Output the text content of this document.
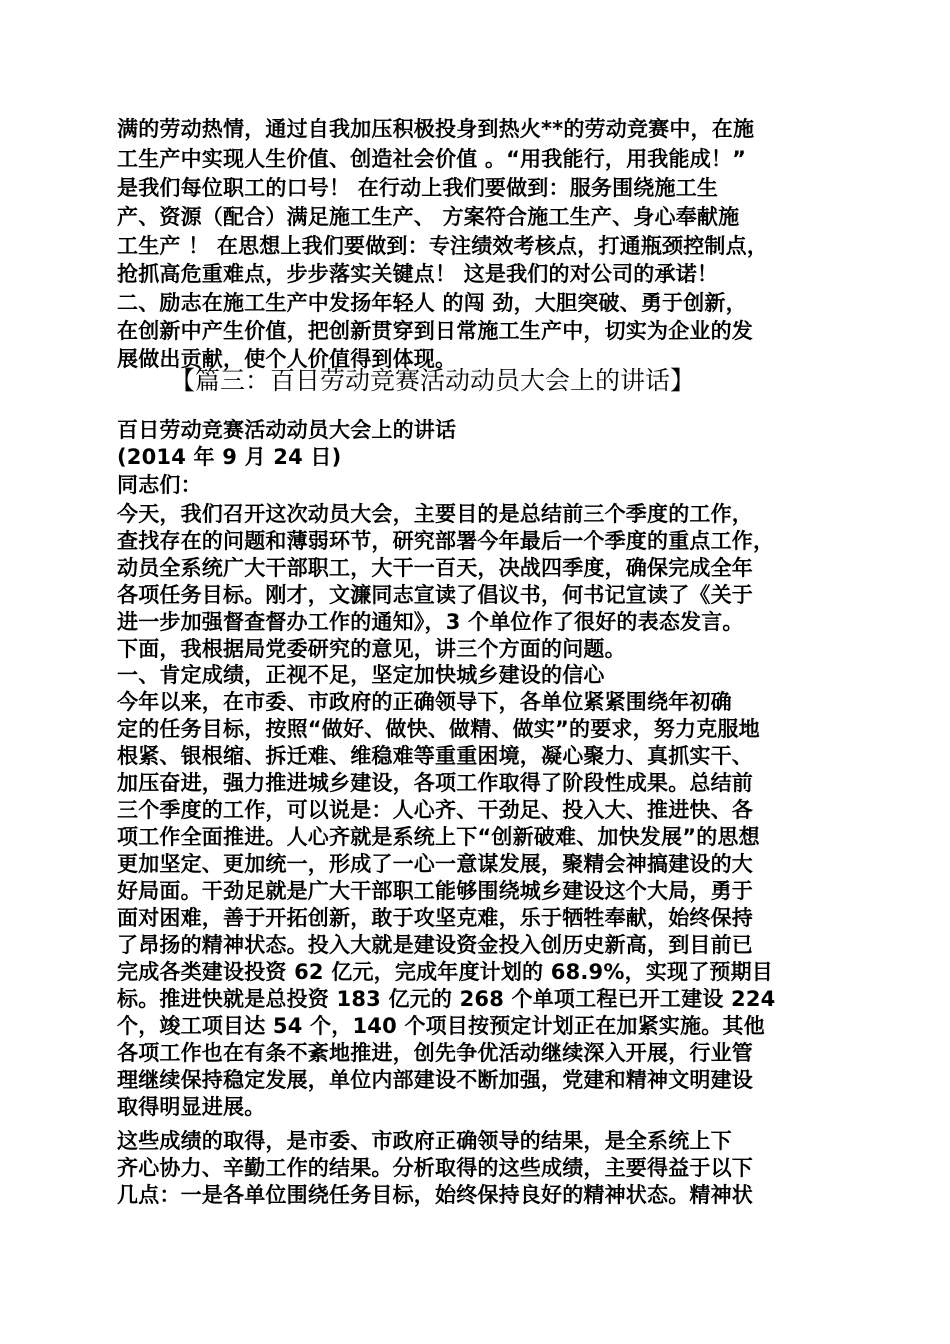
满的劳动热情，通过自我加压积极投身到热火**的劳动竞赛中，在施
工生产中实现人生价值、创造社会价值 。“用我能行，用我能成！”
是我们每位职工的口号！ 在行动上我们要做到：服务围绕施工生
产、资源（配合）满足施工生产、 方案符合施工生产、身心奉献施
工生产 ！ 在思想上我们要做到：专注绩效考核点，打通瓶颈控制点，
抢抓高危重难点，步步落实关键点！ 这是我们的对公司的承诺！
二、励志在施工生产中发扬年轻人 的闯 劲，大胆突破、勇于创新，
在创新中产生价值，把创新贯穿到日常施工生产中，切实为企业的发
展做出贡献，使个人价值得到体现。
【篇三：百日劳动竞赛活动动员大会上的讲话】
百日劳动竞赛活动动员大会上的讲话
(2014 年 9 月 24 日)
同志们：
今天，我们召开这次动员大会，主要目的是总结前三个季度的工作，
查找存在的问题和薄弱环节，研究部署今年最后一个季度的重点工作，
动员全系统广大干部职工，大干一百天，决战四季度，确保完成全年
各项任务目标。刚才，文濂同志宣读了倡议书，何书记宣读了《关于
进一步加强督查督办工作的通知》，3 个单位作了很好的表态发言。
下面，我根据局党委研究的意见，讲三个方面的问题。
一、肯定成绩，正视不足，坚定加快城乡建设的信心
今年以来，在市委、市政府的正确领导下，各单位紧紧围绕年初确
定的任务目标，按照“做好、做快、做精、做实”的要求，努力克服地
根紧、银根缩、拆迁难、维稳难等重重困境，凝心聚力、真抓实干、
加压奋进，强力推进城乡建设，各项工作取得了阶段性成果。总结前
三个季度的工作，可以说是：人心齐、干劲足、投入大、推进快、各
项工作全面推进。人心齐就是系统上下“创新破难、加快发展”的思想
更加坚定、更加统一，形成了一心一意谋发展，聚精会神搞建设的大
好局面。干劲足就是广大干部职工能够围绕城乡建设这个大局，勇于
面对困难，善于开拓创新，敢于攻坚克难，乐于牺牲奉献，始终保持
了昂扬的精神状态。投入大就是建设资金投入创历史新高，到目前已
完成各类建设投资 62 亿元，完成年度计划的 68.9%，实现了预期目
标。推进快就是总投资 183 亿元的 268 个单项工程已开工建设 224
个，竣工项目达 54 个，140 个项目按预定计划正在加紧实施。其他
各项工作也在有条不紊地推进，创先争优活动继续深入开展，行业管
理继续保持稳定发展，单位内部建设不断加强，党建和精神文明建设
取得明显进展。
这些成绩的取得，是市委、市政府正确领导的结果，是全系统上下
齐心协力、辛勤工作的结果。分析取得的这些成绩，主要得益于以下
几点：一是各单位围绕任务目标，始终保持良好的精神状态。精神状
